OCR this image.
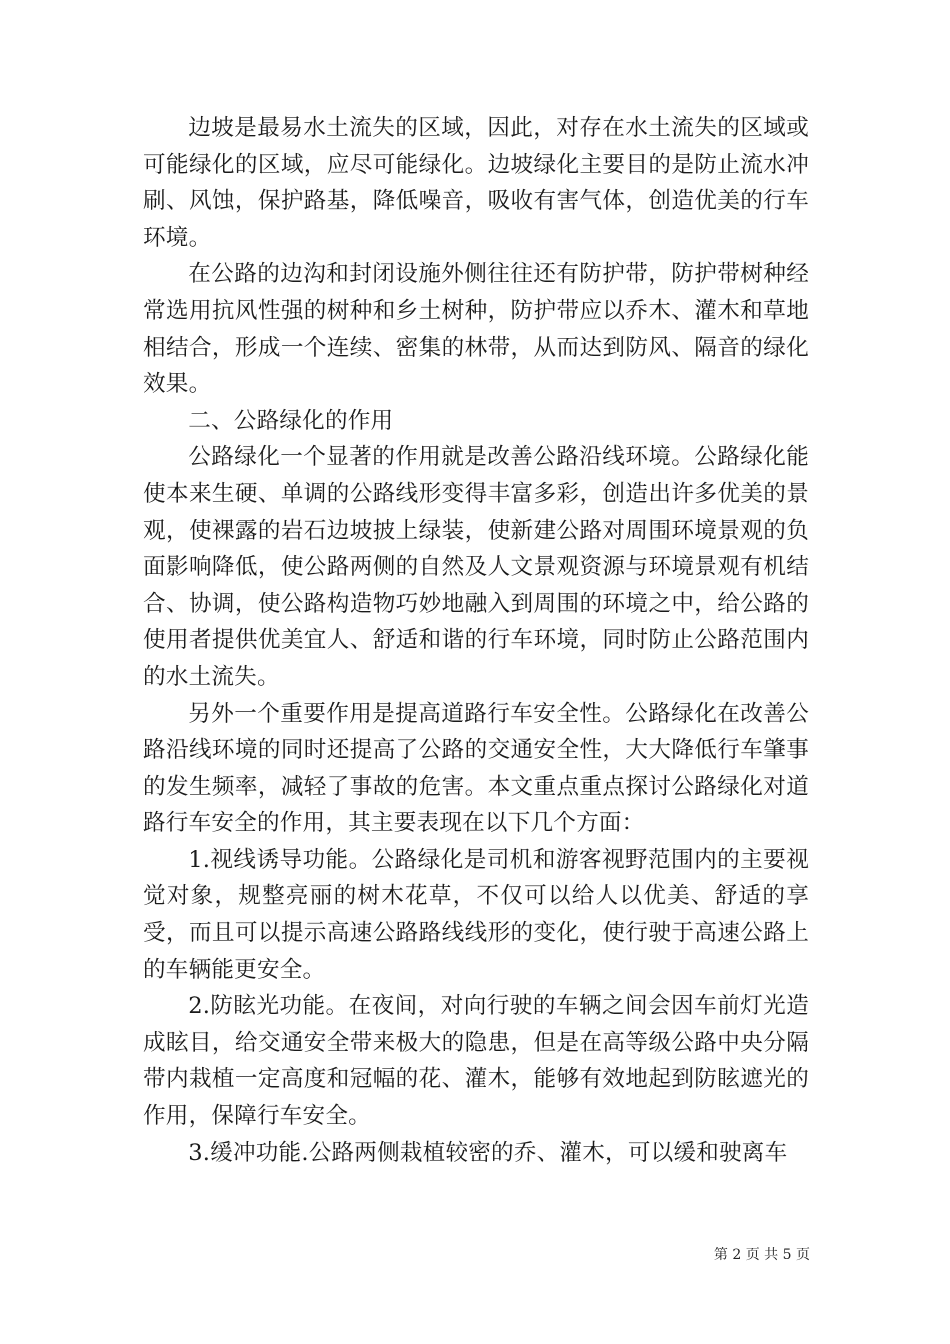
边坡是最易水土流失的区域，因此，对存在水土流失的区域或可能绿化的区域，应尽可能绿化。边坡绿化主要目的是防止流水冲刷、风蚀，保护路基，降低噪音，吸收有害气体，创造优美的行车环境。

在公路的边沟和封闭设施外侧往往还有防护带，防护带树种经常选用抗风性强的树种和乡土树种，防护带应以乔木、灌木和草地相结合，形成一个连续、密集的林带，从而达到防风、隔音的绿化效果。

二、公路绿化的作用

公路绿化一个显著的作用就是改善公路沿线环境。公路绿化能使本来生硬、单调的公路线形变得丰富多彩，创造出许多优美的景观，使裸露的岩石边坡披上绿装，使新建公路对周围环境景观的负面影响降低，使公路两侧的自然及人文景观资源与环境景观有机结合、协调，使公路构造物巧妙地融入到周围的环境之中，给公路的使用者提供优美宜人、舒适和谐的行车环境，同时防止公路范围内的水土流失。

另外一个重要作用是提高道路行车安全性。公路绿化在改善公路沿线环境的同时还提高了公路的交通安全性，大大降低行车肇事的发生频率，减轻了事故的危害。本文重点重点探讨公路绿化对道路行车安全的作用，其主要表现在以下几个方面：

1.视线诱导功能。公路绿化是司机和游客视野范围内的主要视觉对象，规整亮丽的树木花草，不仅可以给人以优美、舒适的享受，而且可以提示高速公路路线线形的变化，使行驶于高速公路上的车辆能更安全。

2.防眩光功能。在夜间，对向行驶的车辆之间会因车前灯光造成眩目，给交通安全带来极大的隐患，但是在高等级公路中央分隔带内栽植一定高度和冠幅的花、灌木，能够有效地起到防眩遮光的作用，保障行车安全。

3.缓冲功能.公路两侧栽植较密的乔、灌木，可以缓和驶离车

第 2 页 共 5 页
